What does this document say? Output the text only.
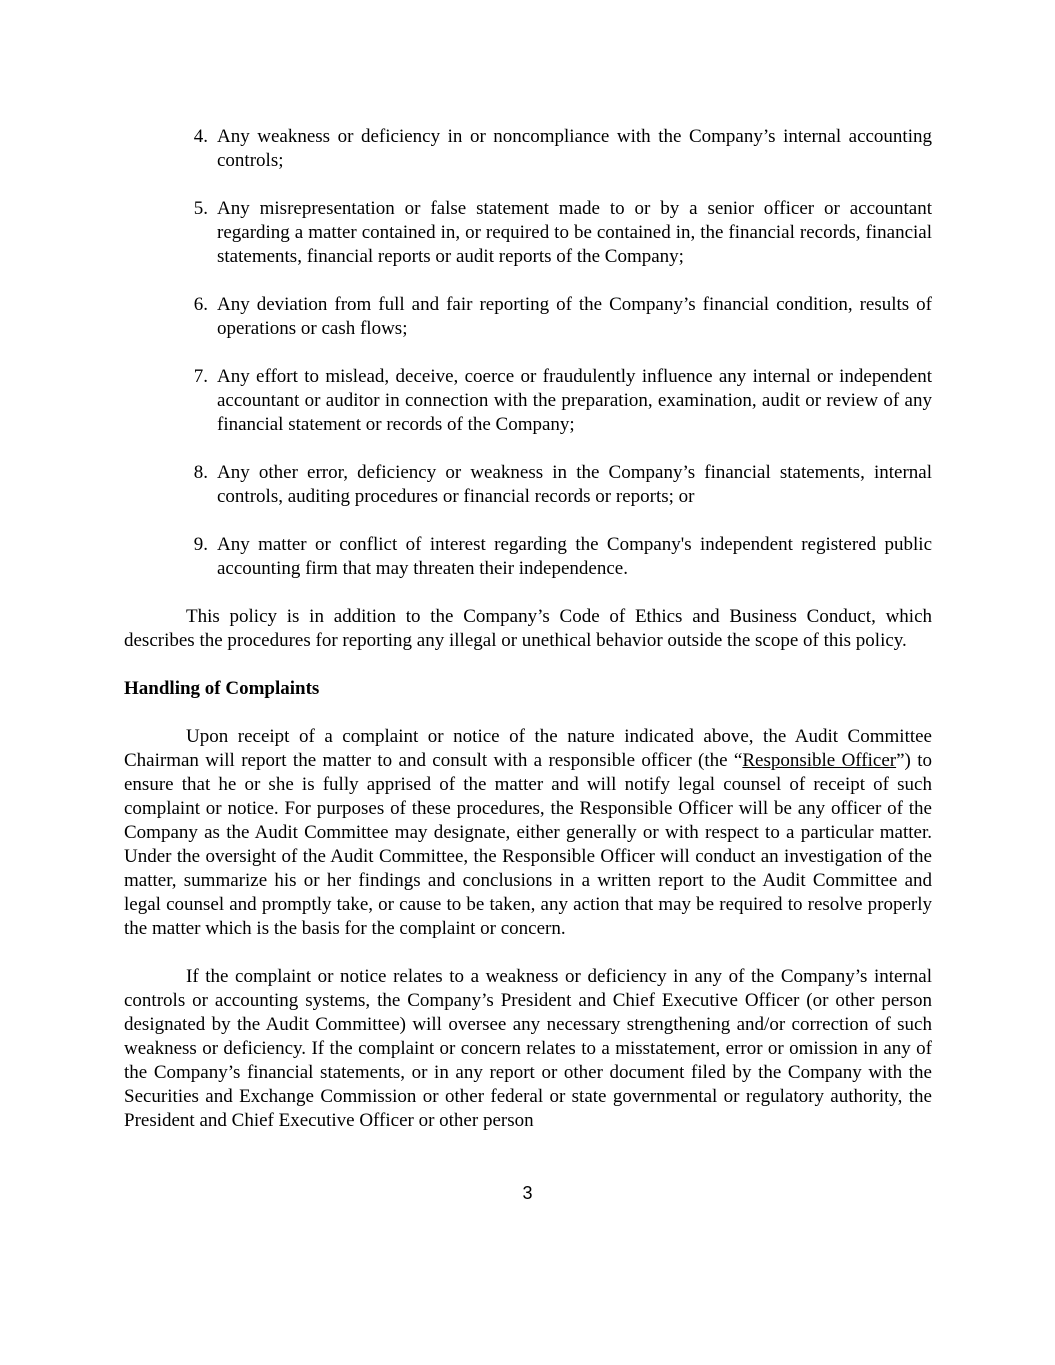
4. Any weakness or deficiency in or noncompliance with the Company’s internal accounting controls;
5. Any misrepresentation or false statement made to or by a senior officer or accountant regarding a matter contained in, or required to be contained in, the financial records, financial statements, financial reports or audit reports of the Company;
6. Any deviation from full and fair reporting of the Company’s financial condition, results of operations or cash flows;
7. Any effort to mislead, deceive, coerce or fraudulently influence any internal or independent accountant or auditor in connection with the preparation, examination, audit or review of any financial statement or records of the Company;
8. Any other error, deficiency or weakness in the Company’s financial statements, internal controls, auditing procedures or financial records or reports; or
9. Any matter or conflict of interest regarding the Company's independent registered public accounting firm that may threaten their independence.

This policy is in addition to the Company’s Code of Ethics and Business Conduct, which describes the procedures for reporting any illegal or unethical behavior outside the scope of this policy.

Handling of Complaints

Upon receipt of a complaint or notice of the nature indicated above, the Audit Committee Chairman will report the matter to and consult with a responsible officer (the “Responsible Officer”) to ensure that he or she is fully apprised of the matter and will notify legal counsel of receipt of such complaint or notice. For purposes of these procedures, the Responsible Officer will be any officer of the Company as the Audit Committee may designate, either generally or with respect to a particular matter. Under the oversight of the Audit Committee, the Responsible Officer will conduct an investigation of the matter, summarize his or her findings and conclusions in a written report to the Audit Committee and legal counsel and promptly take, or cause to be taken, any action that may be required to resolve properly the matter which is the basis for the complaint or concern.

If the complaint or notice relates to a weakness or deficiency in any of the Company’s internal controls or accounting systems, the Company’s President and Chief Executive Officer (or other person designated by the Audit Committee) will oversee any necessary strengthening and/or correction of such weakness or deficiency. If the complaint or concern relates to a misstatement, error or omission in any of the Company’s financial statements, or in any report or other document filed by the Company with the Securities and Exchange Commission or other federal or state governmental or regulatory authority, the President and Chief Executive Officer or other person

3
